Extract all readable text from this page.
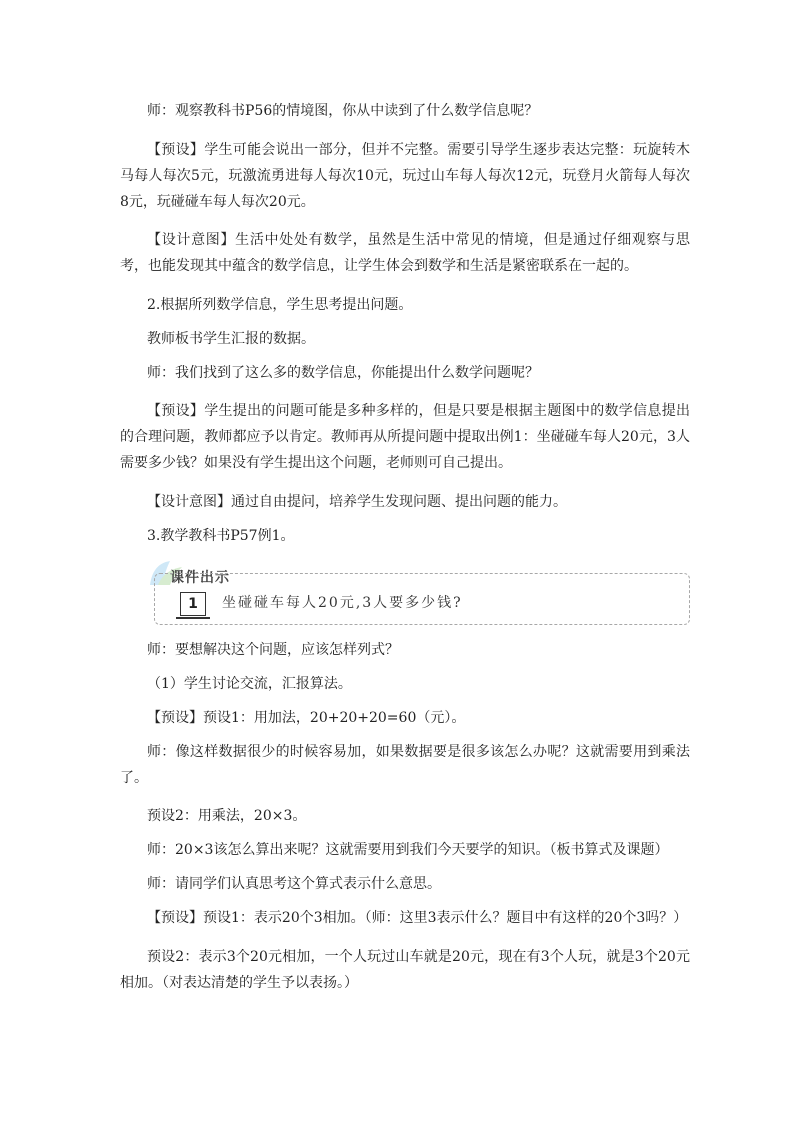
师：观察教科书P56的情境图，你从中读到了什么数学信息呢？

【预设】学生可能会说出一部分，但并不完整。需要引导学生逐步表达完整：玩旋转木马每人每次5元，玩激流勇进每人每次10元，玩过山车每人每次12元，玩登月火箭每人每次8元，玩碰碰车每人每次20元。

【设计意图】生活中处处有数学，虽然是生活中常见的情境，但是通过仔细观察与思考，也能发现其中蕴含的数学信息，让学生体会到数学和生活是紧密联系在一起的。

2.根据所列数学信息，学生思考提出问题。

教师板书学生汇报的数据。

师：我们找到了这么多的数学信息，你能提出什么数学问题呢？

【预设】学生提出的问题可能是多种多样的，但是只要是根据主题图中的数学信息提出的合理问题，教师都应予以肯定。教师再从所提问题中提取出例1：坐碰碰车每人20元，3人需要多少钱？如果没有学生提出这个问题，老师则可自己提出。

【设计意图】通过自由提问，培养学生发现问题、提出问题的能力。

3.教学教科书P57例1。

课件出示
1	坐碰碰车每人20元,3人要多少钱?

师：要想解决这个问题，应该怎样列式？

（1）学生讨论交流，汇报算法。

【预设】预设1：用加法，20+20+20=60（元）。

师：像这样数据很少的时候容易加，如果数据要是很多该怎么办呢？这就需要用到乘法了。

预设2：用乘法，20×3。

师：20×3该怎么算出来呢？这就需要用到我们今天要学的知识。（板书算式及课题）

师：请同学们认真思考这个算式表示什么意思。

【预设】预设1：表示20个3相加。（师：这里3表示什么？题目中有这样的20个3吗？）

预设2：表示3个20元相加，一个人玩过山车就是20元，现在有3个人玩，就是3个20元相加。（对表达清楚的学生予以表扬。）
